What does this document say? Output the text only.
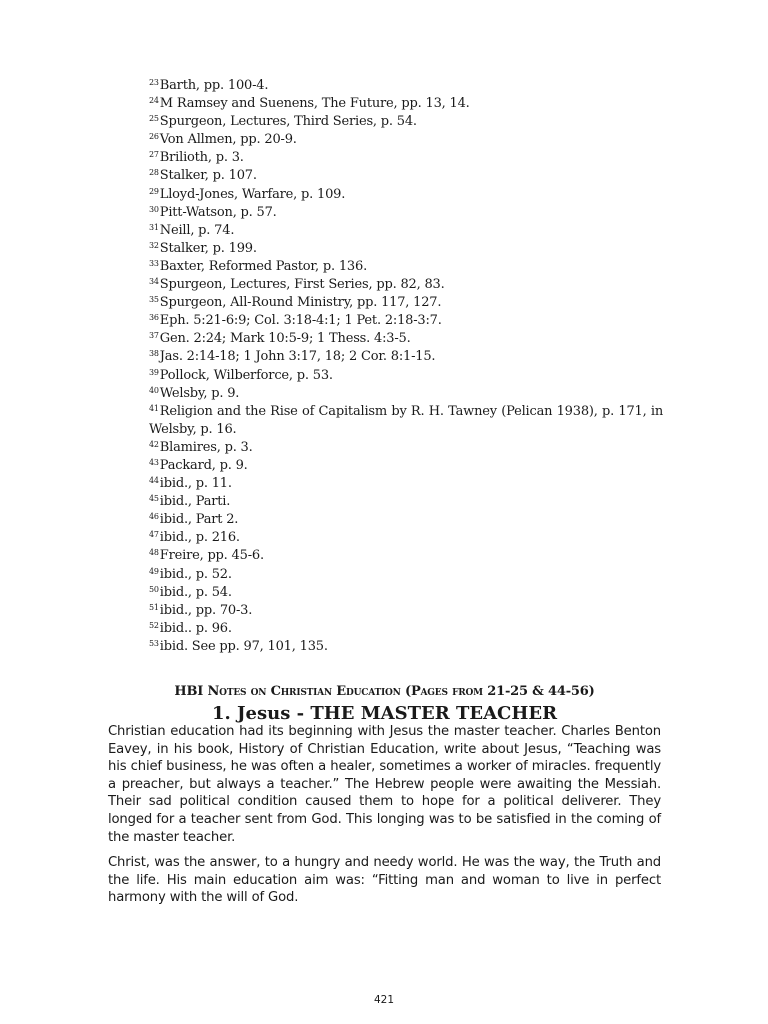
$^{23}$Barth, pp. 100-4.

$^{24}$M Ramsey and Suenens, The Future, pp. 13, 14.

$^{25}$Spurgeon, Lectures, Third Series, p. 54.

$^{26}$Von Allmen, pp. 20-9.

$^{27}$Brilioth, p. 3.

$^{28}$Stalker, p. 107.

$^{29}$Lloyd-Jones, Warfare, p. 109.

$^{30}$Pitt-Watson, p. 57.

$^{31}$Neill, p. 74.

$^{32}$Stalker, p. 199.

$^{33}$Baxter, Reformed Pastor, p. 136.

$^{34}$Spurgeon, Lectures, First Series, pp. 82, 83.

$^{35}$Spurgeon, All-Round Ministry, pp. 117, 127.

$^{36}$Eph. 5:21-6:9; Col. 3:18-4:1; 1 Pet. 2:18-3:7.

$^{37}$Gen. 2:24; Mark 10:5-9; 1 Thess. 4:3-5.

$^{38}$Jas. 2:14-18; 1 John 3:17, 18; 2 Cor. 8:1-15.

$^{39}$Pollock, Wilberforce, p. 53.

$^{40}$Welsby, p. 9.

$^{41}$Religion and the Rise of Capitalism by R. H. Tawney (Pelican 1938), p. 171, in Welsby, p. 16.

$^{42}$Blamires, p. 3.

$^{43}$Packard, p. 9.

$^{44}$ibid., p. 11.

$^{45}$ibid., Parti.

$^{46}$ibid., Part 2.

$^{47}$ibid., p. 216.

$^{48}$Freire, pp. 45-6.

$^{49}$ibid., p. 52.

$^{50}$ibid., p. 54.

$^{51}$ibid., pp. 70-3.

$^{52}$ibid.. p. 96.

$^{53}$ibid. See pp. 97, 101, 135.

HBI Notes on Christian Education (Pages from 21-25 & 44-56)
1. Jesus - THE MASTER TEACHER

Christian education had its beginning with Jesus the master teacher. Charles Benton Eavey, in his book, History of Christian Education, write about Jesus, “Teaching was his chief business, he was often a healer, sometimes a worker of miracles. frequently a preacher, but always a teacher.” The Hebrew people were awaiting the Messiah. Their sad political condition caused them to hope for a political deliverer. They longed for a teacher sent from God. This longing was to be satisfied in the coming of the master teacher.

Christ, was the answer, to a hungry and needy world. He was the way, the Truth and the life. His main education aim was: “Fitting man and woman to live in perfect harmony with the will of God.

421
